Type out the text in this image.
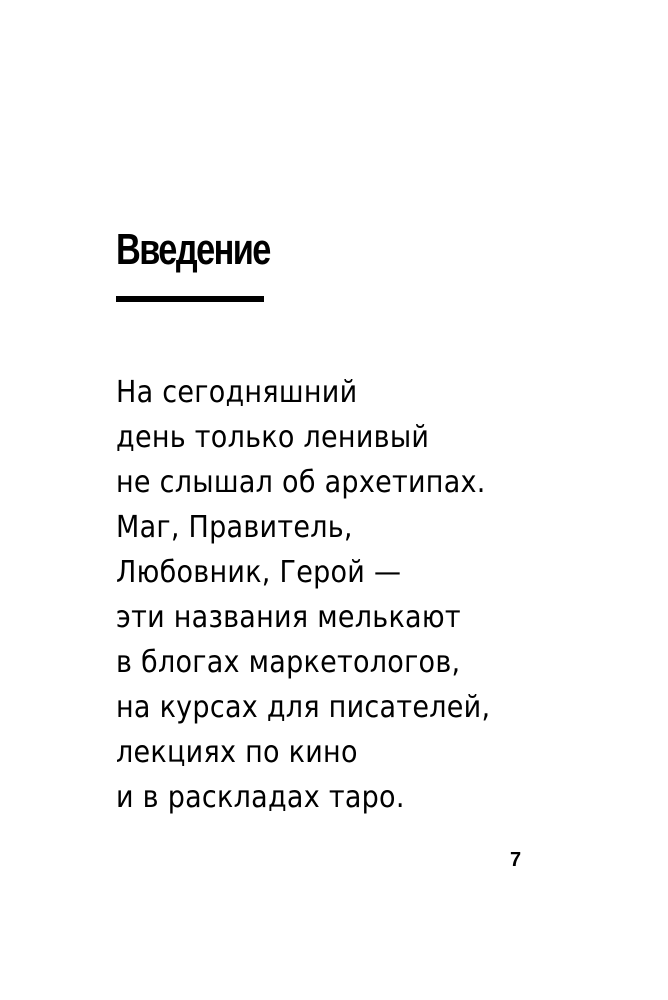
Введение

На сегодняшний
день только ленивый
не слышал об архетипах.
Маг, Правитель,
Любовник, Герой —
эти названия мелькают
в блогах маркетологов,
на курсах для писателей,
лекциях по кино
и в раскладах таро.

7
